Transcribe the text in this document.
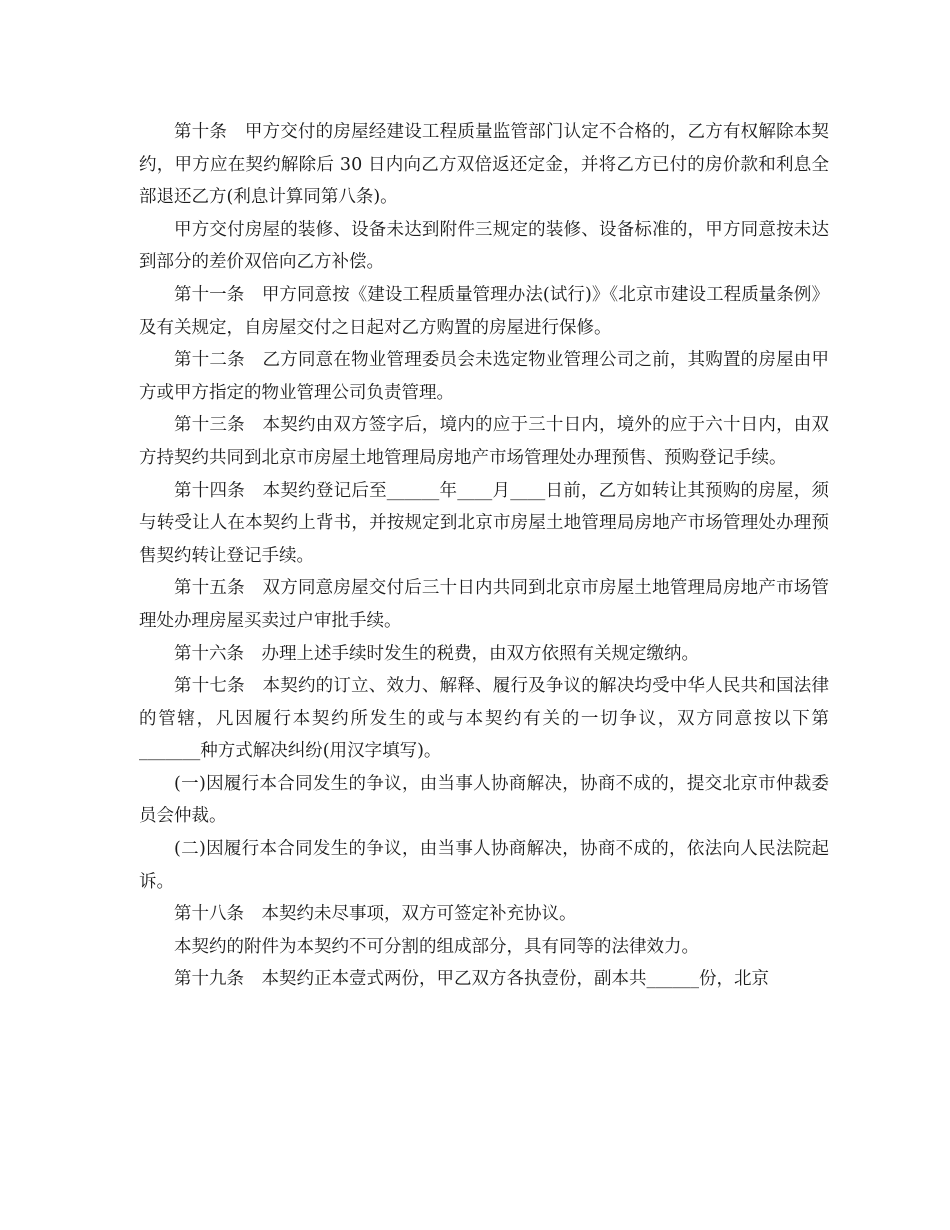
第十条　甲方交付的房屋经建设工程质量监管部门认定不合格的，乙方有权解除本契约，甲方应在契约解除后 30 日内向乙方双倍返还定金，并将乙方已付的房价款和利息全部退还乙方(利息计算同第八条)。

甲方交付房屋的装修、设备未达到附件三规定的装修、设备标准的，甲方同意按未达到部分的差价双倍向乙方补偿。

第十一条　甲方同意按《建设工程质量管理办法(试行)》《北京市建设工程质量条例》及有关规定，自房屋交付之日起对乙方购置的房屋进行保修。

第十二条　乙方同意在物业管理委员会未选定物业管理公司之前，其购置的房屋由甲方或甲方指定的物业管理公司负责管理。

第十三条　本契约由双方签字后，境内的应于三十日内，境外的应于六十日内，由双方持契约共同到北京市房屋土地管理局房地产市场管理处办理预售、预购登记手续。

第十四条　本契约登记后至______年____月____日前，乙方如转让其预购的房屋，须与转受让人在本契约上背书，并按规定到北京市房屋土地管理局房地产市场管理处办理预售契约转让登记手续。

第十五条　双方同意房屋交付后三十日内共同到北京市房屋土地管理局房地产市场管理处办理房屋买卖过户审批手续。

第十六条　办理上述手续时发生的税费，由双方依照有关规定缴纳。

第十七条　本契约的订立、效力、解释、履行及争议的解决均受中华人民共和国法律的管辖，凡因履行本契约所发生的或与本契约有关的一切争议，双方同意按以下第_______种方式解决纠纷(用汉字填写)。

(一)因履行本合同发生的争议，由当事人协商解决，协商不成的，提交北京市仲裁委员会仲裁。

(二)因履行本合同发生的争议，由当事人协商解决，协商不成的，依法向人民法院起诉。

第十八条　本契约未尽事项，双方可签定补充协议。

本契约的附件为本契约不可分割的组成部分，具有同等的法律效力。

第十九条　本契约正本壹式两份，甲乙双方各执壹份，副本共______份，北京
